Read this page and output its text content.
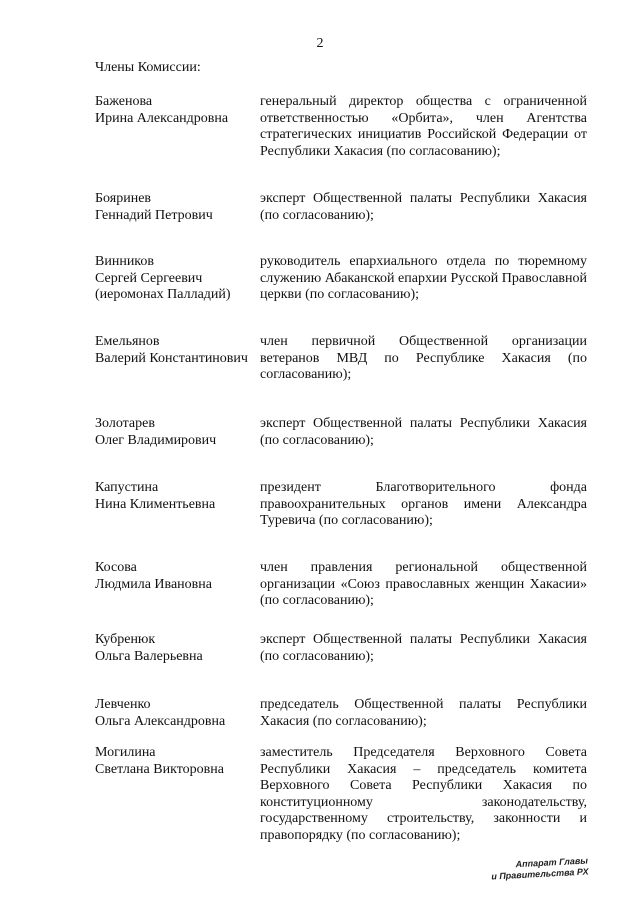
2
Члены Комиссии:
Баженова
Ирина Александровна
генеральный директор общества с ограниченной ответственностью «Орбита», член Агентства стратегических инициатив Российской Федерации от Республики Хакасия (по согласованию);
Бояринев
Геннадий Петрович
эксперт Общественной палаты Республики Хакасия (по согласованию);
Винников
Сергей Сергеевич
(иеромонах Палладий)
руководитель епархиального отдела по тюремному служению Абаканской епархии Русской Православной церкви (по согласованию);
Емельянов
Валерий Константинович
член первичной Общественной организации ветеранов МВД по Республике Хакасия (по согласованию);
Золотарев
Олег Владимирович
эксперт Общественной палаты Республики Хакасия (по согласованию);
Капустина
Нина Климентьевна
президент Благотворительного фонда правоохранительных органов имени Александра Туревича (по согласованию);
Косова
Людмила Ивановна
член правления региональной общественной организации «Союз православных женщин Хакасии» (по согласованию);
Кубренюк
Ольга Валерьевна
эксперт Общественной палаты Республики Хакасия (по согласованию);
Левченко
Ольга Александровна
председатель Общественной палаты Республики Хакасия (по согласованию);
Могилина
Светлана Викторовна
заместитель Председателя Верховного Совета Республики Хакасия – председатель комитета Верховного Совета Республики Хакасия по конституционному законодательству, государственному строительству, законности и правопорядку (по согласованию);
Аппарат Главы
и Правительства РХ
